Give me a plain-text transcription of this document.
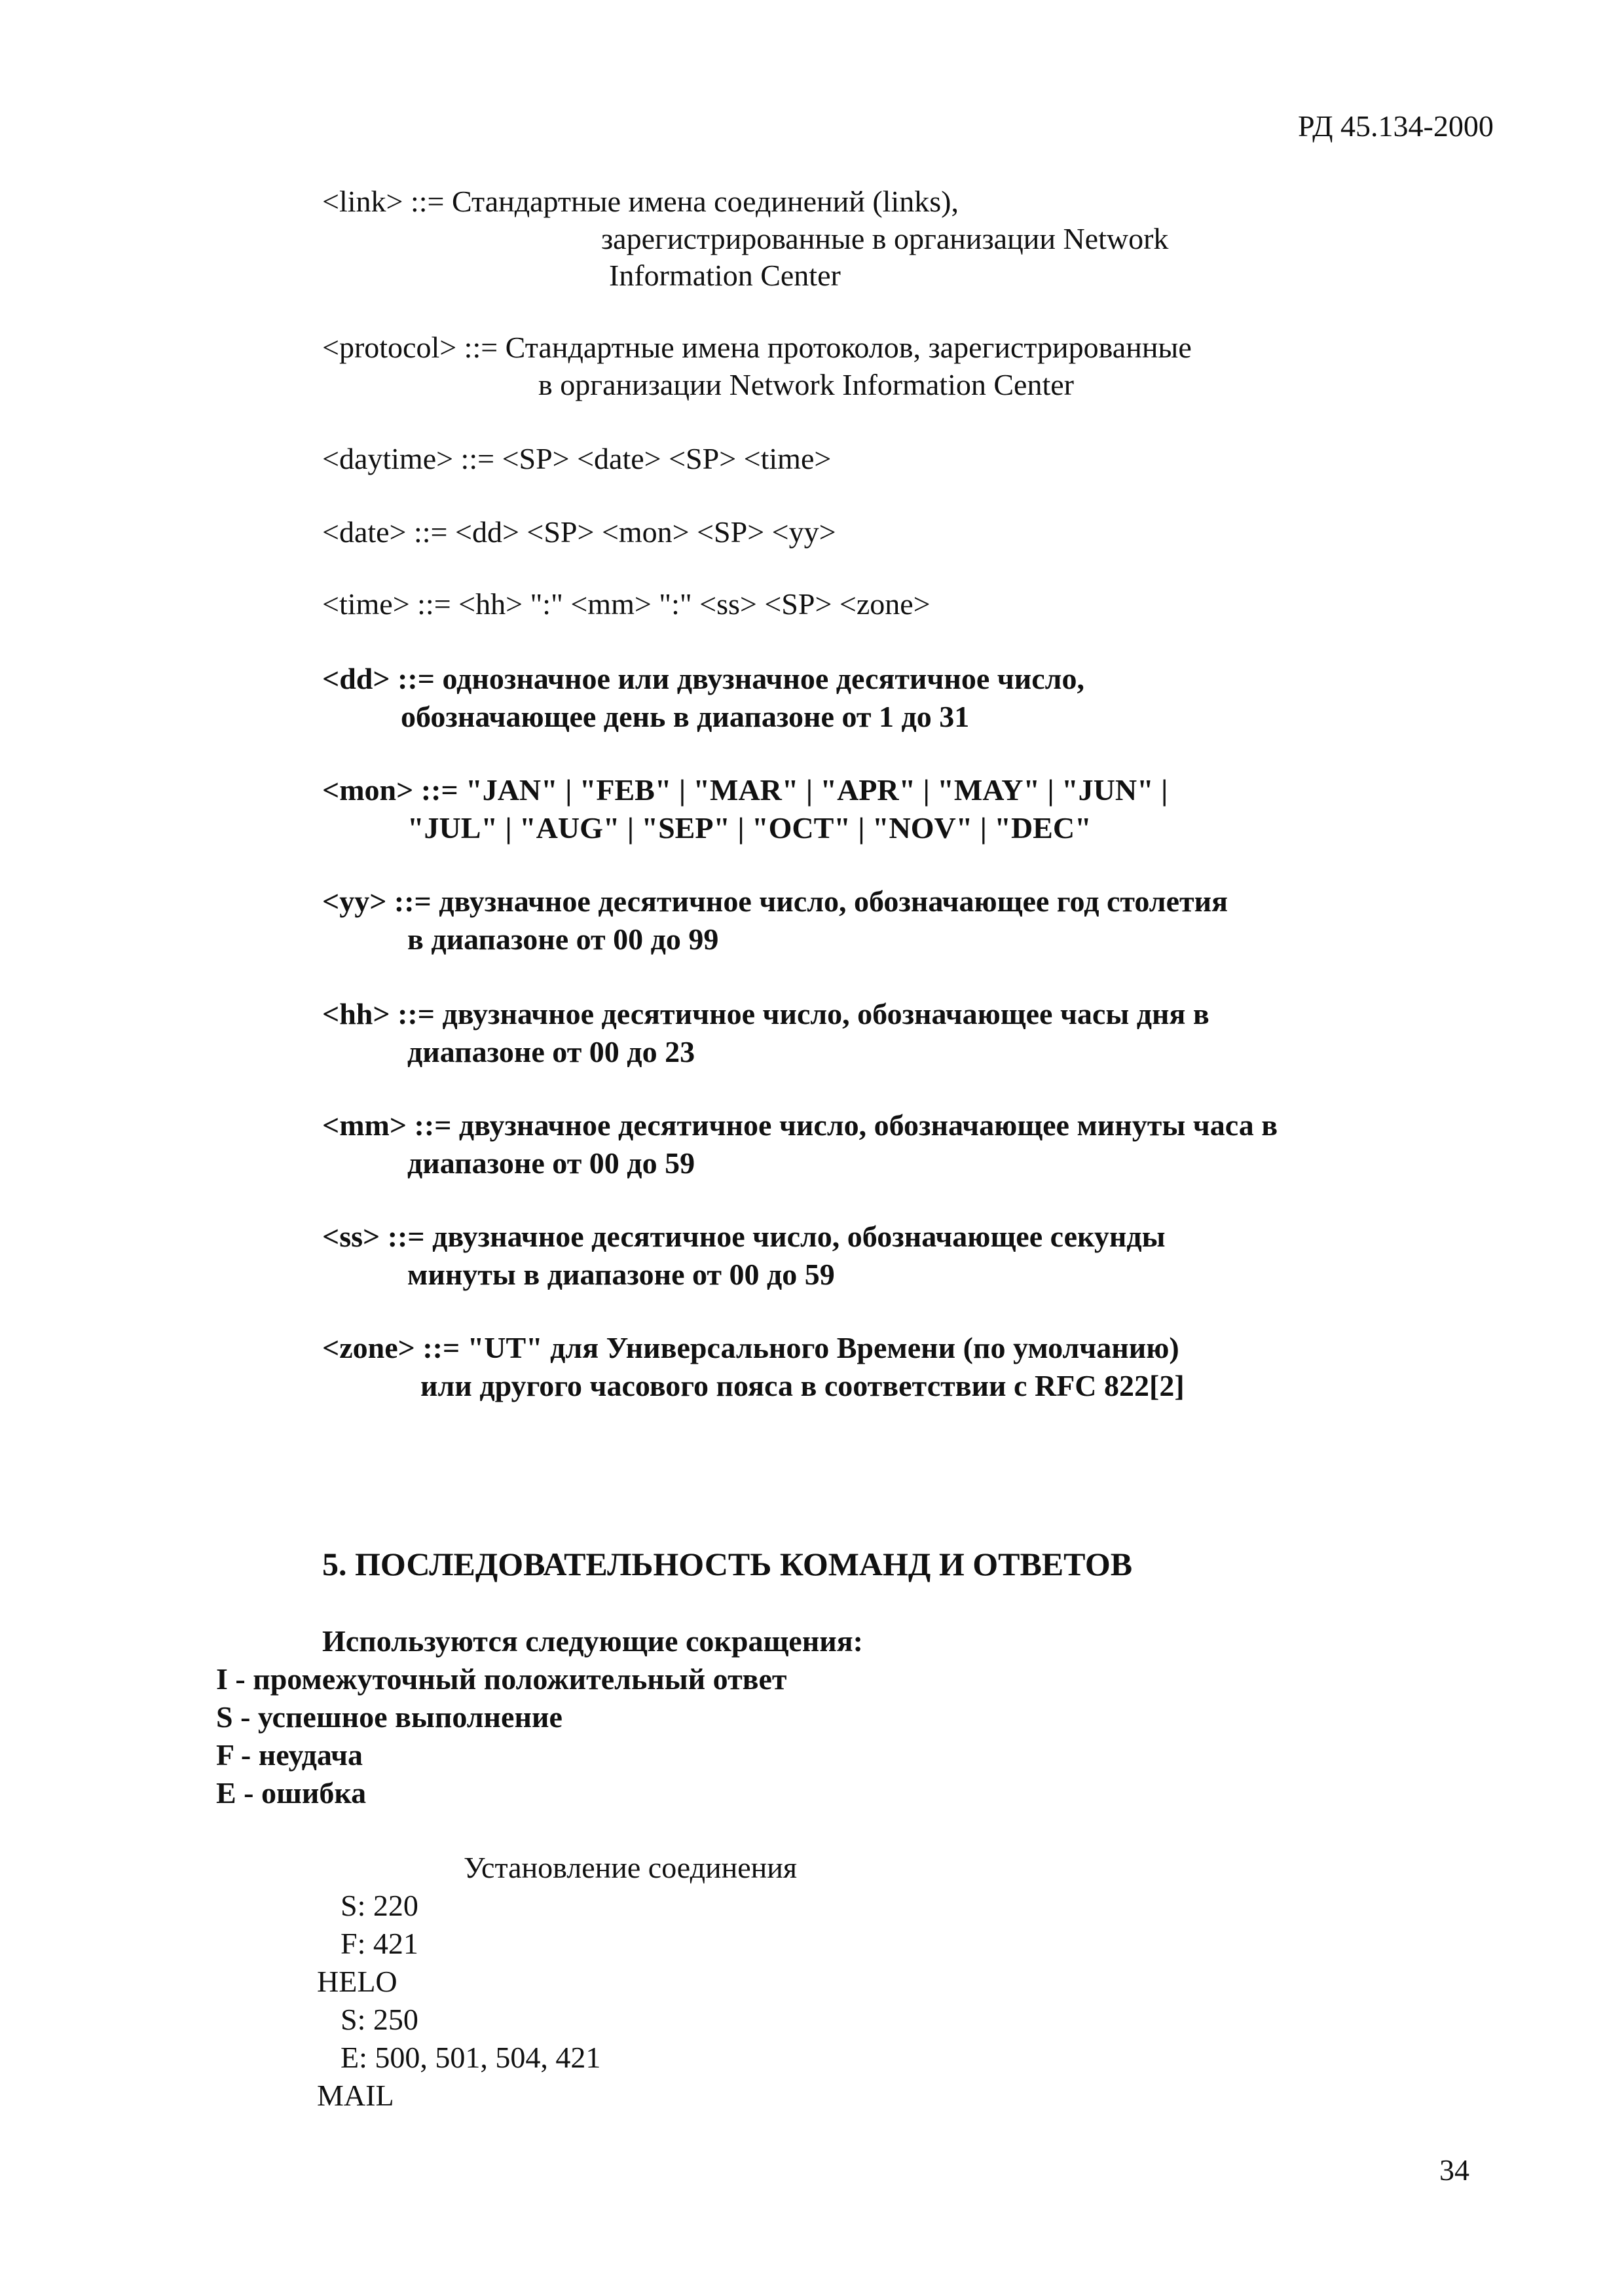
РД 45.134-2000
<link> ::= Стандартные имена соединений (links),
зарегистрированные в организации Network
Information Center
<protocol> ::= Стандартные имена протоколов, зарегистрированные
в организации Network Information Center
<daytime> ::= <SP> <date> <SP> <time>
<date> ::= <dd> <SP> <mon> <SP> <yy>
<time> ::= <hh> ":" <mm> ":" <ss> <SP> <zone>
<dd> ::= однозначное или двузначное десятичное число,
обозначающее день в диапазоне от 1 до 31
<mon> ::= "JAN" | "FEB" | "MAR" | "APR" | "MAY" | "JUN" |
"JUL" | "AUG" | "SEP" | "OCT" | "NOV" | "DEC"
<yy> ::= двузначное десятичное число, обозначающее год столетия
в диапазоне от 00 до 99
<hh> ::= двузначное десятичное число, обозначающее часы дня в
диапазоне от 00 до 23
<mm> ::= двузначное десятичное число, обозначающее минуты часа в
диапазоне от 00 до 59
<ss> ::= двузначное десятичное число, обозначающее секунды
минуты в диапазоне от 00 до 59
<zone> ::= "UT" для Универсального Времени (по умолчанию)
или другого часового пояса в соответствии с RFC 822[2]
5. ПОСЛЕДОВАТЕЛЬНОСТЬ КОМАНД И ОТВЕТОВ
Используются следующие сокращения:
I - промежуточный положительный ответ
S - успешное выполнение
F - неудача
E - ошибка
Установление соединения
S: 220
F: 421
HELO
S: 250
E: 500, 501, 504, 421
MAIL
34
